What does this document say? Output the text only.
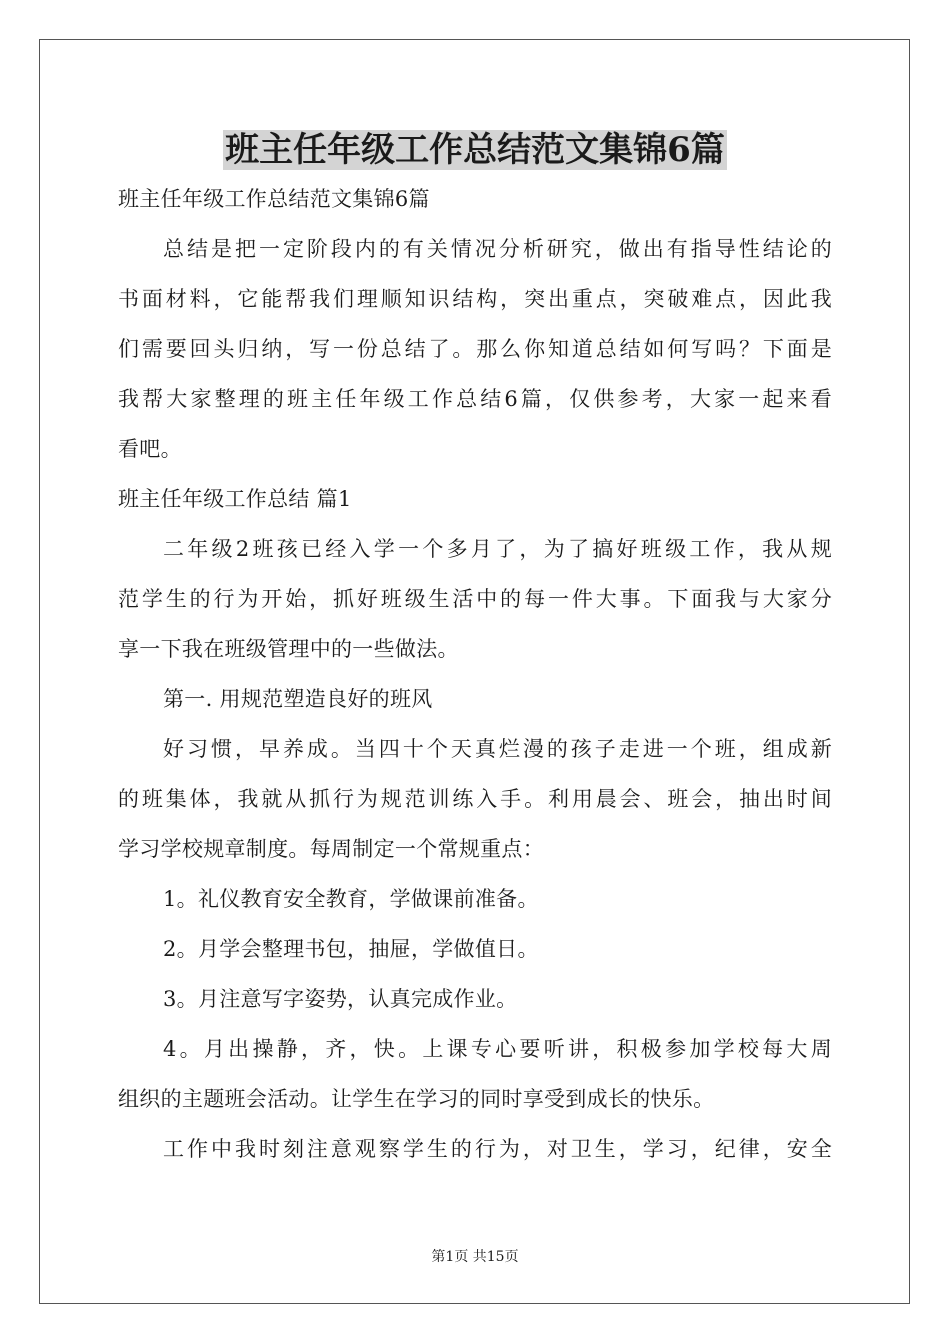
班主任年级工作总结范文集锦6篇
班主任年级工作总结范文集锦6篇
总结是把一定阶段内的有关情况分析研究，做出有指导性结论的
书面材料，它能帮我们理顺知识结构，突出重点，突破难点，因此我
们需要回头归纳，写一份总结了。那么你知道总结如何写吗？下面是
我帮大家整理的班主任年级工作总结6篇，仅供参考，大家一起来看
看吧。
班主任年级工作总结 篇1
二年级2班孩已经入学一个多月了，为了搞好班级工作，我从规
范学生的行为开始，抓好班级生活中的每一件大事。下面我与大家分
享一下我在班级管理中的一些做法。
第一. 用规范塑造良好的班风
好习惯，早养成。当四十个天真烂漫的孩子走进一个班，组成新
的班集体，我就从抓行为规范训练入手。利用晨会、班会，抽出时间
学习学校规章制度。每周制定一个常规重点：
1。礼仪教育安全教育，学做课前准备。
2。月学会整理书包，抽屉，学做值日。
3。月注意写字姿势，认真完成作业。
4。月出操静，齐，快。上课专心要听讲，积极参加学校每大周
组织的主题班会活动。让学生在学习的同时享受到成长的快乐。
工作中我时刻注意观察学生的行为，对卫生，学习，纪律，安全
第1页 共15页
